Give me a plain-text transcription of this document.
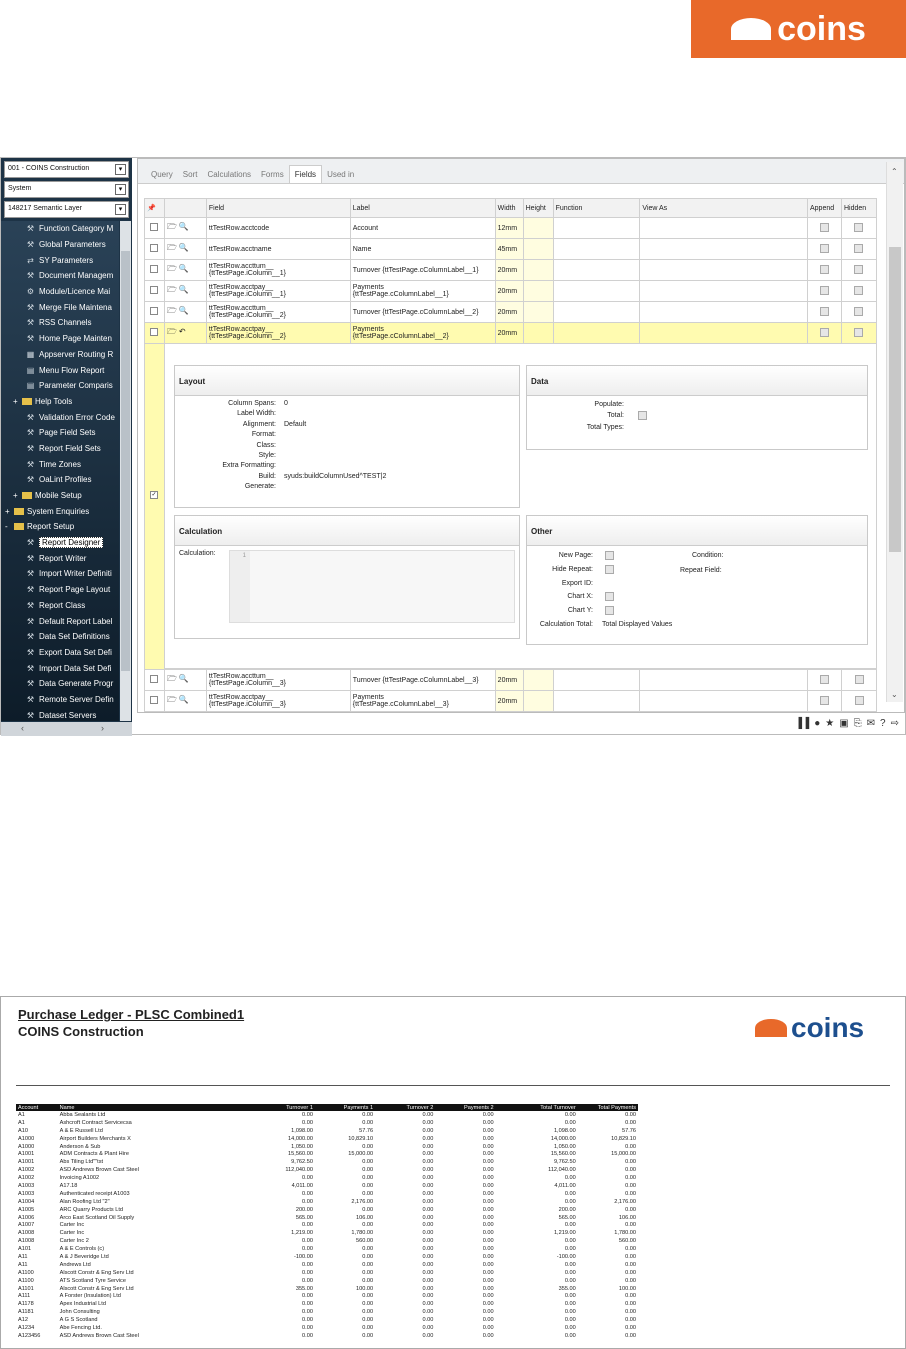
coins
001 - COINS Construction	▾
System	▾
148217 Semantic Layer	▾
⚒ Function Category M
⚒ Global Parameters
⇄ SY Parameters
⚒ Document Managem
⚙ Module/Licence Mai
⚒ Merge File Maintena
⚒ RSS Channels
⚒ Home Page Mainten
▦ Appserver Routing R
▤ Menu Flow Report
▤ Parameter Comparis
+	Help Tools
⚒ Validation Error Code
⚒ Page Field Sets
⚒ Report Field Sets
⚒ Time Zones
⚒ OaLint Profiles
+	Mobile Setup
+	System Enquiries
-	Report Setup
⚒ Report Designer
⚒ Report Writer
⚒ Import Writer Definiti
⚒ Report Page Layout
⚒ Report Class
⚒ Default Report Label
⚒ Data Set Definitions
⚒ Export Data Set Defi
⚒ Import Data Set Defi
⚒ Data Generate Progr
⚒ Remote Server Defin
⚒ Dataset Servers
‹	›
Query	Sort	Calculations	Forms	Fields	Used in
📌		Field	Label	Width	Height	Function	View As	Append	Hidden
	🗁 🔍	ttTestRow.acctcode	Account	12mm					
	🗁 🔍	ttTestRow.acctname	Name	45mm					
	🗁 🔍	ttTestRow.accttum__
{ttTestPage.iColumn__1}	Turnover {ttTestPage.cColumnLabel__1}	20mm					
	🗁 🔍	ttTestRow.acctpay__
{ttTestPage.iColumn__1}	Payments
{ttTestPage.cColumnLabel__1}	20mm					
	🗁 🔍	ttTestRow.accttum__
{ttTestPage.iColumn__2}	Turnover {ttTestPage.cColumnLabel__2}	20mm					
	🗁 ↶	ttTestRow.acctpay__
{ttTestPage.iColumn__2}	Payments
{ttTestPage.cColumnLabel__2}	20mm					
✓
Layout
Column Spans: 0
Label Width:
Alignment: Default
Format:
Class:
Style:
Extra Formatting:
Build: syuds:buildColumnUsed^TEST|2
Generate:
Data
Populate:
Total:
Total Types:
Calculation
Calculation:	1
Other
New Page:
Hide Repeat:
Export ID:
Chart X:
Chart Y:
Calculation Total: Total Displayed Values
Condition:
Repeat Field:
	🗁 🔍	ttTestRow.accttum__
{ttTestPage.iColumn__3}	Turnover {ttTestPage.cColumnLabel__3}	20mm					
	🗁 🔍	ttTestRow.acctpay__
{ttTestPage.iColumn__3}	Payments
{ttTestPage.cColumnLabel__3}	20mm					
⌃
⌄
▐▐ ● ★ ▣ ⎘ ✉ ? ⇨
Purchase Ledger - PLSC Combined1
COINS Construction	coins
Account	Name	Turnover 1	Payments 1	Turnover 2	Payments 2	Total Turnover	Total Payments
A1	Abba Sealants Ltd	0.00	0.00	0.00	0.00	0.00	0.00
A1	Ashcroft Contract Servicecsa	0.00	0.00	0.00	0.00	0.00	0.00
A10	A & E Russell Ltd	1,098.00	57.76	0.00	0.00	1,098.00	57.76
A1000	Airport Builders Merchants X	14,000.00	10,829.10	0.00	0.00	14,000.00	10,829.10
A1000	Anderson & Sub	1,050.00	0.00	0.00	0.00	1,050.00	0.00
A1001	ADM Contracts & Plant Hire	15,560.00	15,000.00	0.00	0.00	15,560.00	15,000.00
A1001	Abs Tiling Ltd""tst	9,762.50	0.00	0.00	0.00	9,762.50	0.00
A1002	ASD Andrews Brown Cast Steel	112,040.00	0.00	0.00	0.00	112,040.00	0.00
A1002	Invoicing A1002	0.00	0.00	0.00	0.00	0.00	0.00
A1003	A17.18	4,011.00	0.00	0.00	0.00	4,011.00	0.00
A1003	Authenticated receipt A1003	0.00	0.00	0.00	0.00	0.00	0.00
A1004	Alan Roofing Ltd "2"	0.00	2,176.00	0.00	0.00	0.00	2,176.00
A1005	ARC Quarry Products Ltd	200.00	0.00	0.00	0.00	200.00	0.00
A1006	Arco East Scotland Oil Supply	565.00	106.00	0.00	0.00	565.00	106.00
A1007	Carter Inc	0.00	0.00	0.00	0.00	0.00	0.00
A1008	Carter Inc	1,219.00	1,780.00	0.00	0.00	1,219.00	1,780.00
A1008	Carter Inc 2	0.00	560.00	0.00	0.00	0.00	560.00
A101	A & E Controls (c)	0.00	0.00	0.00	0.00	0.00	0.00
A11	A & J Beveridge Ltd	-100.00	0.00	0.00	0.00	-100.00	0.00
A11	Andrews Ltd	0.00	0.00	0.00	0.00	0.00	0.00
A1100	Alscott Constr & Eng Serv Ltd	0.00	0.00	0.00	0.00	0.00	0.00
A1100	ATS Scotland Tyre Service	0.00	0.00	0.00	0.00	0.00	0.00
A1101	Alscott Constr & Eng Serv Ltd	355.00	100.00	0.00	0.00	355.00	100.00
A111	A Forster (Insulation) Ltd	0.00	0.00	0.00	0.00	0.00	0.00
A1178	Apex Industrial Ltd	0.00	0.00	0.00	0.00	0.00	0.00
A1181	John Consulting	0.00	0.00	0.00	0.00	0.00	0.00
A12	A G S Scotland	0.00	0.00	0.00	0.00	0.00	0.00
A1234	Abe Fencing Ltd.	0.00	0.00	0.00	0.00	0.00	0.00
A123456	ASD Andrews Brown Cast Steel	0.00	0.00	0.00	0.00	0.00	0.00
